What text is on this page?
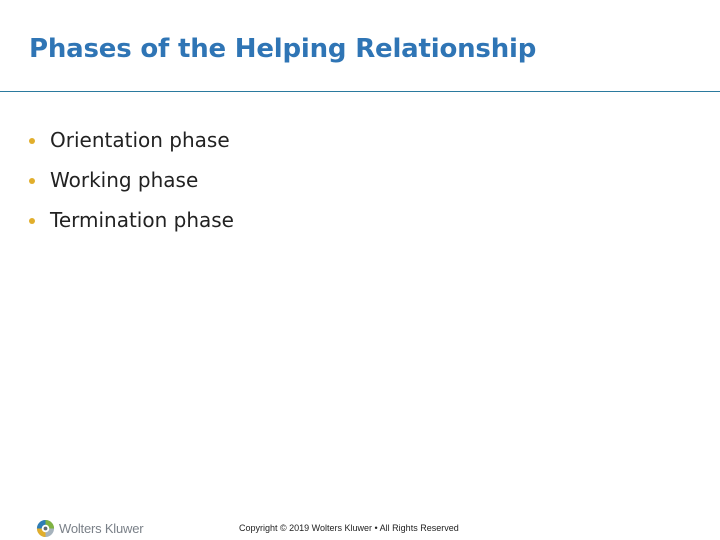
Phases of the Helping Relationship
Orientation phase
Working phase
Termination phase
Wolters Kluwer	Copyright © 2019 Wolters Kluwer • All Rights Reserved
